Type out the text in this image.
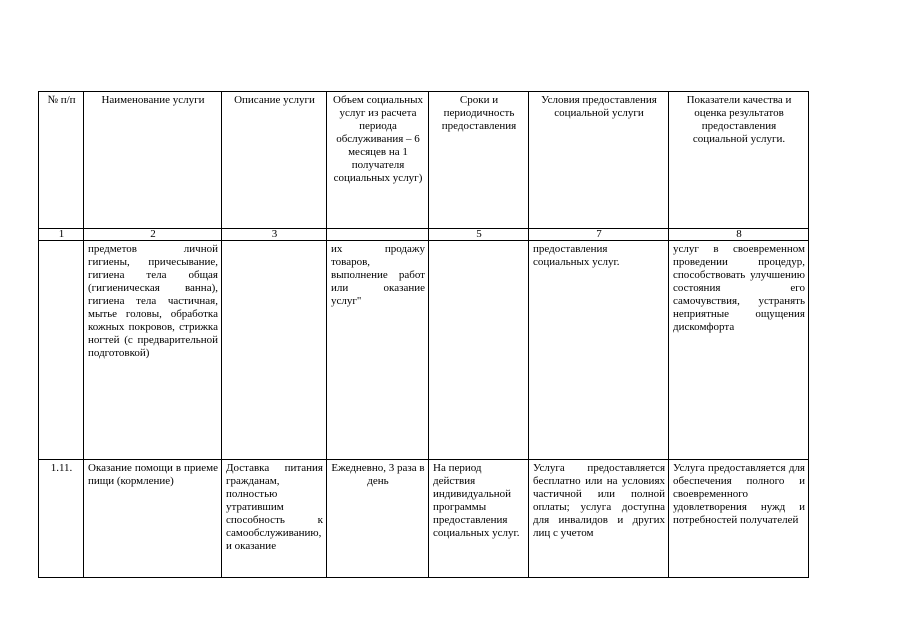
№ п/п	Наименование услуги	Описание услуги	Объем социальных услуг из расчета периода обслуживания – 6 месяцев на 1 получателя социальных услуг)	Сроки и периодичность предоставления	Условия предоставления социальной услуги	Показатели качества и оценка результатов предоставления социальной услуги.
1	2	3		5	7	8
	предметов личной гигиены, причесывание, гигиена тела общая (гигиеническая ванна), гигиена тела частичная, мытье головы, обработка кожных покровов, стрижка ногтей (с предварительной подготовкой)		их продажу товаров, выполнение работ или оказание услуг"		предоставления социальных услуг.	услуг в своевременном проведении процедур, способствовать улучшению состояния его самочувствия, устранять неприятные ощущения дискомфорта
1.11.	Оказание помощи в приеме пищи (кормление)	Доставка питания гражданам, полностью утратившим способность к самообслуживанию, и оказание	Ежедневно, 3 раза в день	На период действия индивидуальной программы предоставления социальных услуг.	Услуга предоставляется бесплатно или на условиях частичной или полной оплаты; услуга доступна для инвалидов и других лиц с учетом	Услуга предоставляется для обеспечения полного и своевременного удовлетворения нужд и потребностей получателей
